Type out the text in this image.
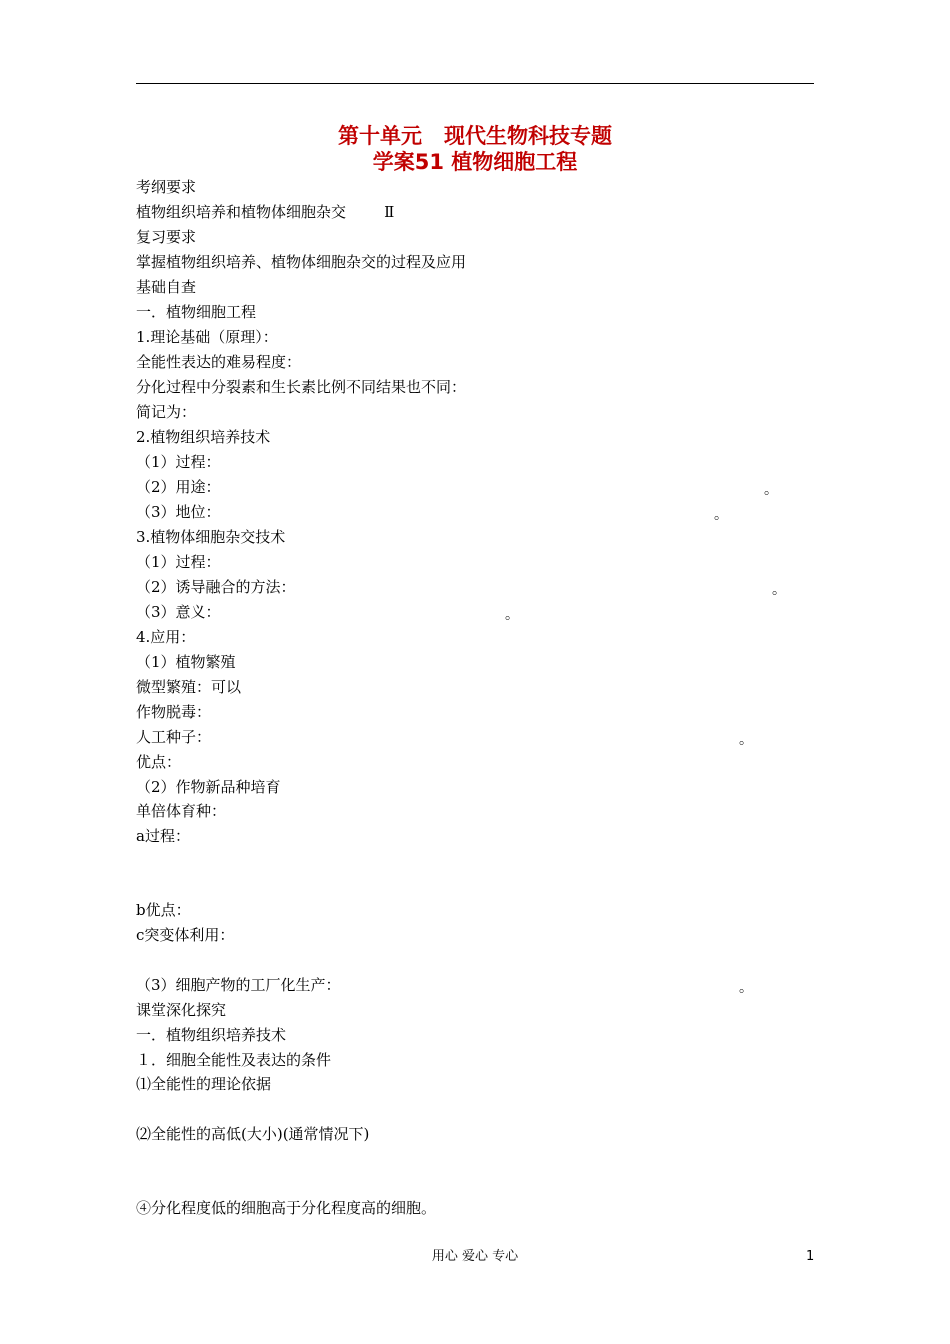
第十单元   现代生物科技专题
学案51 植物细胞工程
考纲要求
植物组织培养和植物体细胞杂交        Ⅱ
复习要求
掌握植物组织培养、植物体细胞杂交的过程及应用
基础自查
一．植物细胞工程
1.理论基础（原理）：
全能性表达的难易程度：
分化过程中分裂素和生长素比例不同结果也不同：
简记为：
2.植物组织培养技术
（1）过程：
（2）用途：	。
（3）地位：	。
3.植物体细胞杂交技术
（1）过程：
（2）诱导融合的方法：	。
（3）意义：	。
4.应用：
（1）植物繁殖
微型繁殖：可以
作物脱毒：
人工种子：	。
优点：
（2）作物新品种培育
单倍体育种：
a过程：
b优点：
c突变体利用：
（3）细胞产物的工厂化生产：	。
课堂深化探究
一．植物组织培养技术
１．细胞全能性及表达的条件
⑴全能性的理论依据
⑵全能性的高低(大小)(通常情况下)
④分化程度低的细胞高于分化程度高的细胞。
用心 爱心 专心	1
